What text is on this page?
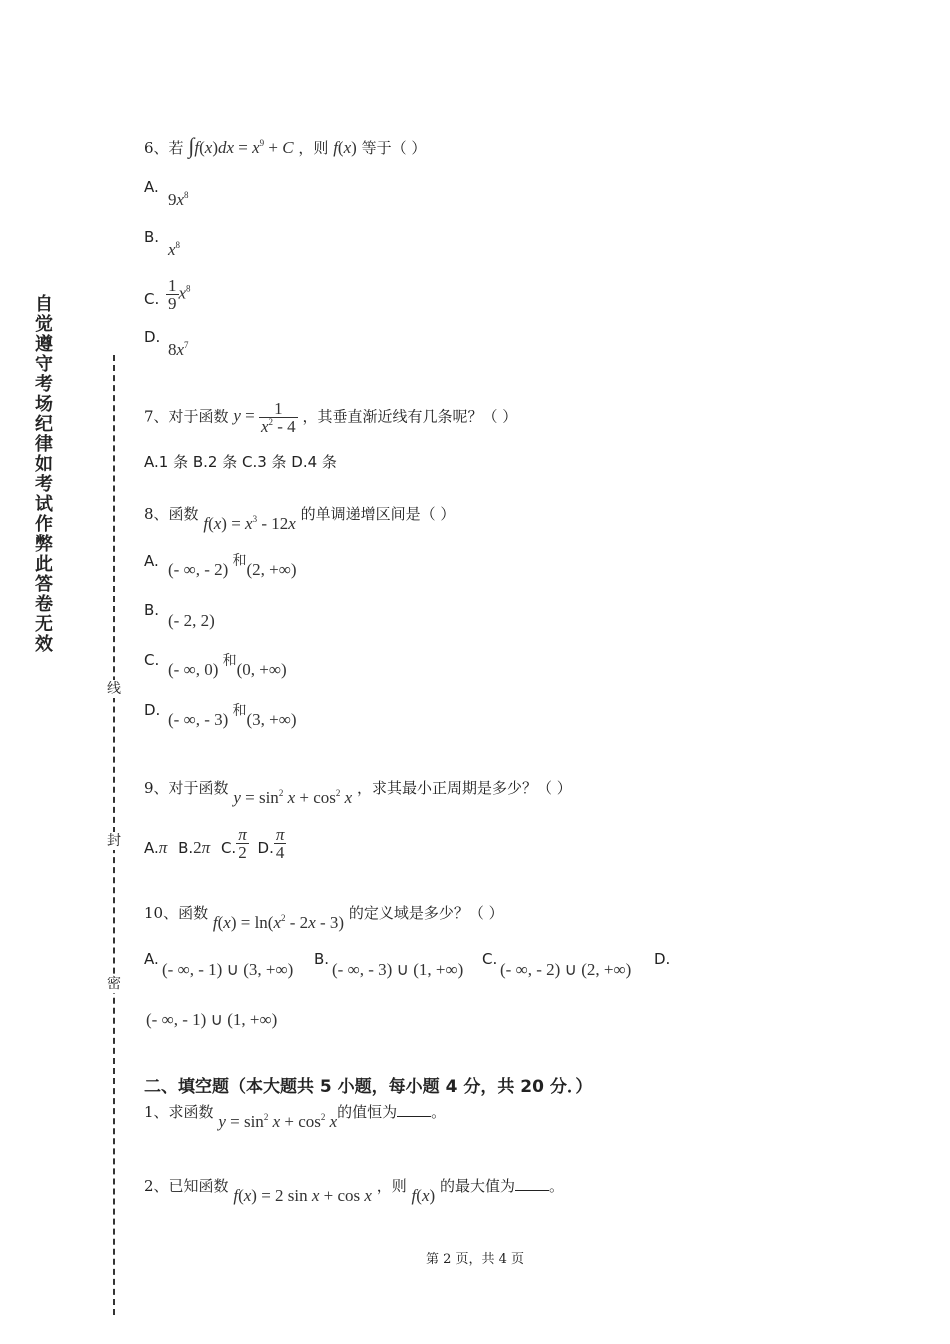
自觉遵守考场纪律如考试作弊此答卷无效
线
封
密
6、若 $\int f(x)dx = x^9 + C$ ，则 f(x) 等于（ ）
A.
$9x^8$
B.
$x^8$
C. $\frac{1}{9} x^8$
D.
$8x^7$
7、对于函数 $y = \frac{1}{x^2 - 4}$ ，其垂直渐近线有几条呢？（ ）
A.1 条 B.2 条 C.3 条 D.4 条
8、函数 $f(x) = x^3 - 12x$ 的单调递增区间是（ ）
A. (- ∞, - 2) $^和$(2, +∞)
B.
(- 2, 2)
C. (- ∞, 0) $^和$(0, +∞)
D. (- ∞, - 3) $^和$(3, +∞)
9、对于函数 $y = \sin^2 x + \cos^2 x$ ，求其最小正周期是多少？（ ）
A.π B.2π C. $\frac{\pi}{2} D$. $\frac{\pi}{4}$
10、函数 $f(x) = \ln(x^2 - 2x - 3)$ 的定义域是多少？（ ）
A.
(- ∞, - 1) ∪ (3, +∞)
B.
(- ∞, - 3) ∪ (1, +∞)
C.
(- ∞, - 2) ∪ (2, +∞)
D.
(- ∞, - 1) ∪ (1, +∞)
二、填空题（本大题共 5 小题，每小题 4 分，共 20 分．）
1、求函数 $y = \sin^2 x + \cos^2 x$的值恒为 。
2、已知函数 f(x) = 2 sin x + cos x ，则 f(x) 的最大值为 。
第 2 页，共 4 页
